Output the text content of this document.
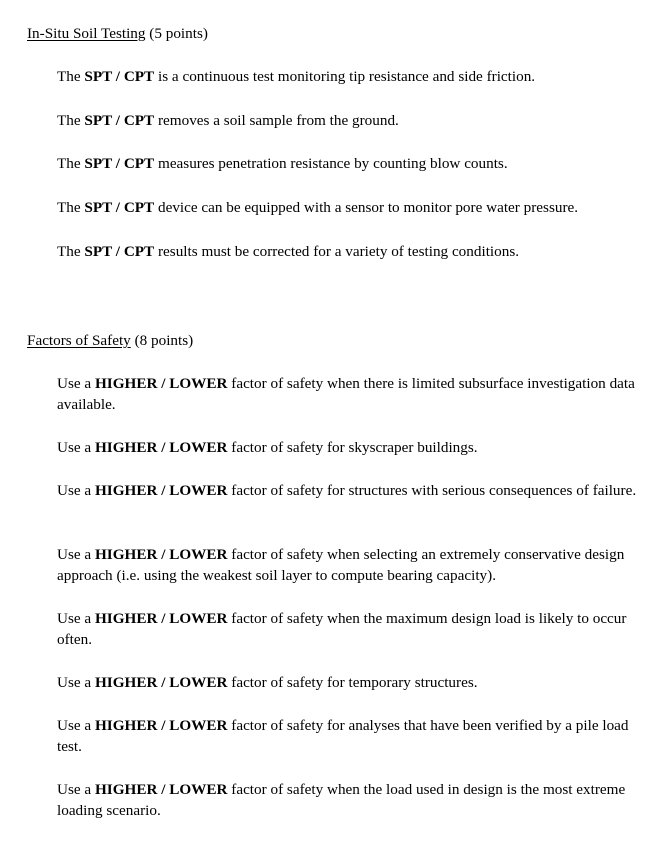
In-Situ Soil Testing (5 points)
The SPT / CPT is a continuous test monitoring tip resistance and side friction.
The SPT / CPT removes a soil sample from the ground.
The SPT / CPT measures penetration resistance by counting blow counts.
The SPT / CPT device can be equipped with a sensor to monitor pore water pressure.
The SPT / CPT results must be corrected for a variety of testing conditions.
Factors of Safety (8 points)
Use a HIGHER / LOWER factor of safety when there is limited subsurface investigation data available.
Use a HIGHER / LOWER factor of safety for skyscraper buildings.
Use a HIGHER / LOWER factor of safety for structures with serious consequences of failure.
Use a HIGHER / LOWER factor of safety when selecting an extremely conservative design approach (i.e. using the weakest soil layer to compute bearing capacity).
Use a HIGHER / LOWER factor of safety when the maximum design load is likely to occur often.
Use a HIGHER / LOWER factor of safety for temporary structures.
Use a HIGHER / LOWER factor of safety for analyses that have been verified by a pile load test.
Use a HIGHER / LOWER factor of safety when the load used in design is the most extreme loading scenario.
